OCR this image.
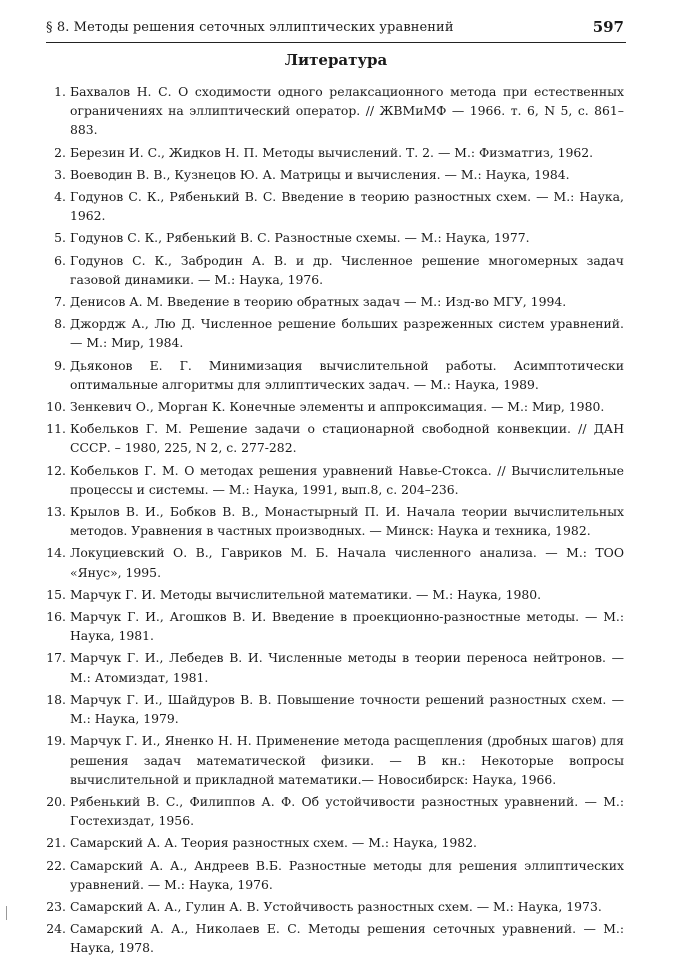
§ 8. Методы решения сеточных эллиптических уравнений	597
Литература
1. Бахвалов Н. С. О сходимости одного релаксационного метода при естественных ограничениях на эллиптический оператор. // ЖВМиМФ — 1966. т. 6, N 5, с. 861–883.
2. Березин И. С., Жидков Н. П. Методы вычислений. Т. 2. — М.: Физматгиз, 1962.
3. Воеводин В. В., Кузнецов Ю. А. Матрицы и вычисления. — М.: Наука, 1984.
4. Годунов С. К., Рябенький В. С. Введение в теорию разностных схем. — М.: Наука, 1962.
5. Годунов С. К., Рябенький В. С. Разностные схемы. — М.: Наука, 1977.
6. Годунов С. К., Забродин А. В. и др. Численное решение многомерных задач газовой динамики. — М.: Наука, 1976.
7. Денисов А. М. Введение в теорию обратных задач — М.: Изд-во МГУ, 1994.
8. Джордж А., Лю Д. Численное решение больших разреженных систем уравнений. — М.: Мир, 1984.
9. Дьяконов Е. Г. Минимизация вычислительной работы. Асимптотически оптимальные алгоритмы для эллиптических задач. — М.: Наука, 1989.
10. Зенкевич О., Морган К. Конечные элементы и аппроксимация. — М.: Мир, 1980.
11. Кобельков Г. М. Решение задачи о стационарной свободной конвекции. // ДАН СССР. – 1980, 225, N 2, с. 277-282.
12. Кобельков Г. М. О методах решения уравнений Навье-Стокса. // Вычислительные процессы и системы. — М.: Наука, 1991, вып.8, с. 204–236.
13. Крылов В. И., Бобков В. В., Монастырный П. И. Начала теории вычислительных методов. Уравнения в частных производных. — Минск: Наука и техника, 1982.
14. Локуциевский О. В., Гавриков М. Б. Начала численного анализа. — М.: ТОО «Янус», 1995.
15. Марчук Г. И. Методы вычислительной математики. — М.: Наука, 1980.
16. Марчук Г. И., Агошков В. И. Введение в проекционно-разностные методы. — М.: Наука, 1981.
17. Марчук Г. И., Лебедев В. И. Численные методы в теории переноса нейтронов. — М.: Атомиздат, 1981.
18. Марчук Г. И., Шайдуров В. В. Повышение точности решений разностных схем. — М.: Наука, 1979.
19. Марчук Г. И., Яненко Н. Н. Применение метода расщепления (дробных шагов) для решения задач математической физики. — В кн.: Некоторые вопросы вычислительной и прикладной математики.— Новосибирск: Наука, 1966.
20. Рябенький В. С., Филиппов А. Ф. Об устойчивости разностных уравнений. — М.: Гостехиздат, 1956.
21. Самарский А. А. Теория разностных схем. — М.: Наука, 1982.
22. Самарский А. А., Андреев В.Б. Разностные методы для решения эллиптических уравнений. — М.: Наука, 1976.
23. Самарский А. А., Гулин А. В. Устойчивость разностных схем. — М.: Наука, 1973.
24. Самарский А. А., Николаев Е. С. Методы решения сеточных уравнений. — М.: Наука, 1978.
